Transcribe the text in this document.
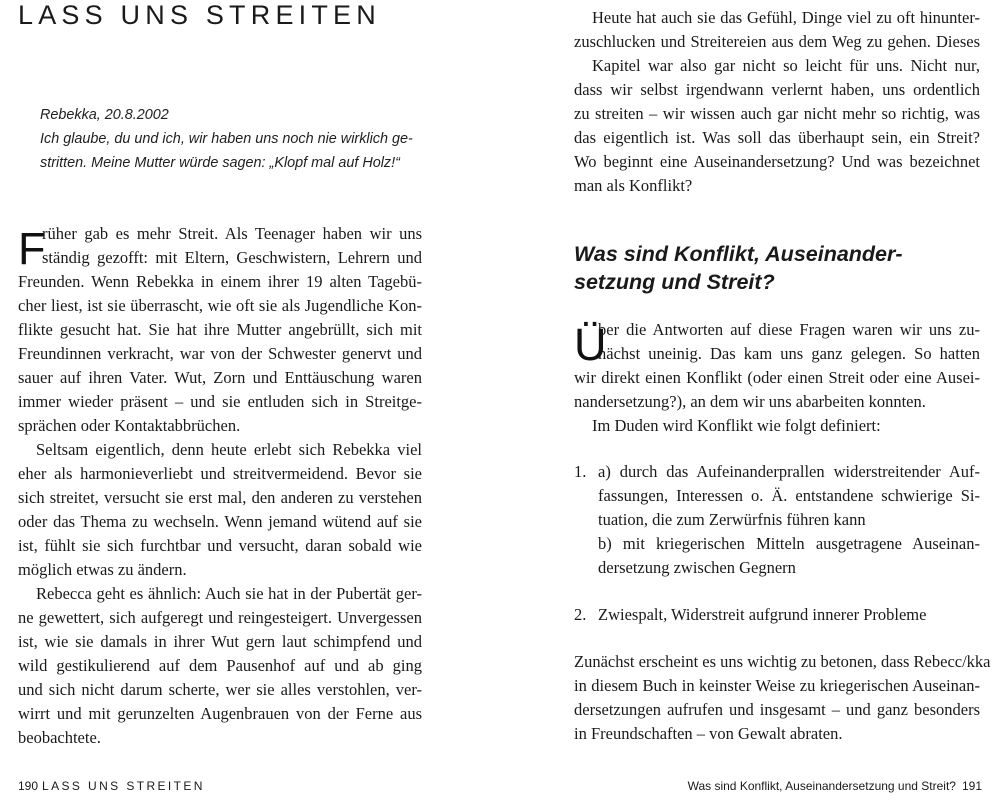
LASS UNS STREITEN
Rebekka, 20.8.2002
Ich glaube, du und ich, wir haben uns noch nie wirklich ge-
stritten. Meine Mutter würde sagen: „Klopf mal auf Holz!“
F
rüher gab es mehr Streit. Als Teenager haben wir uns
ständig gezofft: mit Eltern, Geschwistern, Lehrern und
Freunden. Wenn Rebekka in einem ihrer 19 alten Tagebü-
cher liest, ist sie überrascht, wie oft sie als Jugendliche Kon-
flikte gesucht hat. Sie hat ihre Mutter angebrüllt, sich mit
Freundinnen verkracht, war von der Schwester genervt und
sauer auf ihren Vater. Wut, Zorn und Enttäuschung waren
immer wieder präsent – und sie entluden sich in Streitge-
sprächen oder Kontaktabbrüchen.
Seltsam eigentlich, denn heute erlebt sich Rebekka viel
eher als harmonieverliebt und streitvermeidend. Bevor sie
sich streitet, versucht sie erst mal, den anderen zu verstehen
oder das Thema zu wechseln. Wenn jemand wütend auf sie
ist, fühlt sie sich furchtbar und versucht, daran sobald wie
möglich etwas zu ändern.
Rebecca geht es ähnlich: Auch sie hat in der Pubertät ger-
ne gewettert, sich aufgeregt und reingesteigert. Unvergessen
ist, wie sie damals in ihrer Wut gern laut schimpfend und
wild gestikulierend auf dem Pausenhof auf und ab ging
und sich nicht darum scherte, wer sie alles verstohlen, ver-
wirrt und mit gerunzelten Augenbrauen von der Ferne aus
beobachtete.
190 LASS UNS STREITEN
Heute hat auch sie das Gefühl, Dinge viel zu oft hinunter-
zuschlucken und Streitereien aus dem Weg zu gehen. Dieses
Kapitel war also gar nicht so leicht für uns. Nicht nur,
dass wir selbst irgendwann verlernt haben, uns ordentlich
zu streiten – wir wissen auch gar nicht mehr so richtig, was
das eigentlich ist. Was soll das überhaupt sein, ein Streit?
Wo beginnt eine Auseinandersetzung? Und was bezeichnet
man als Konflikt?
Was sind Konflikt, Auseinander-
setzung und Streit?
Ü
ber die Antworten auf diese Fragen waren wir uns zu-
nächst uneinig. Das kam uns ganz gelegen. So hatten
wir direkt einen Konflikt (oder einen Streit oder eine Ausei-
nandersetzung?), an dem wir uns abarbeiten konnten.
Im Duden wird Konflikt wie folgt definiert:
1. a) durch das Aufeinanderprallen widerstreitender Auf-
fassungen, Interessen o. Ä. entstandene schwierige Si-
tuation, die zum Zerwürfnis führen kann
b) mit kriegerischen Mitteln ausgetragene Auseinan-
dersetzung zwischen Gegnern
2. Zwiespalt, Widerstreit aufgrund innerer Probleme
Zunächst erscheint es uns wichtig zu betonen, dass Rebecc/kka
in diesem Buch in keinster Weise zu kriegerischen Auseinan-
dersetzungen aufrufen und insgesamt – und ganz besonders
in Freundschaften – von Gewalt abraten.
Was sind Konflikt, Auseinandersetzung und Streit? 191
